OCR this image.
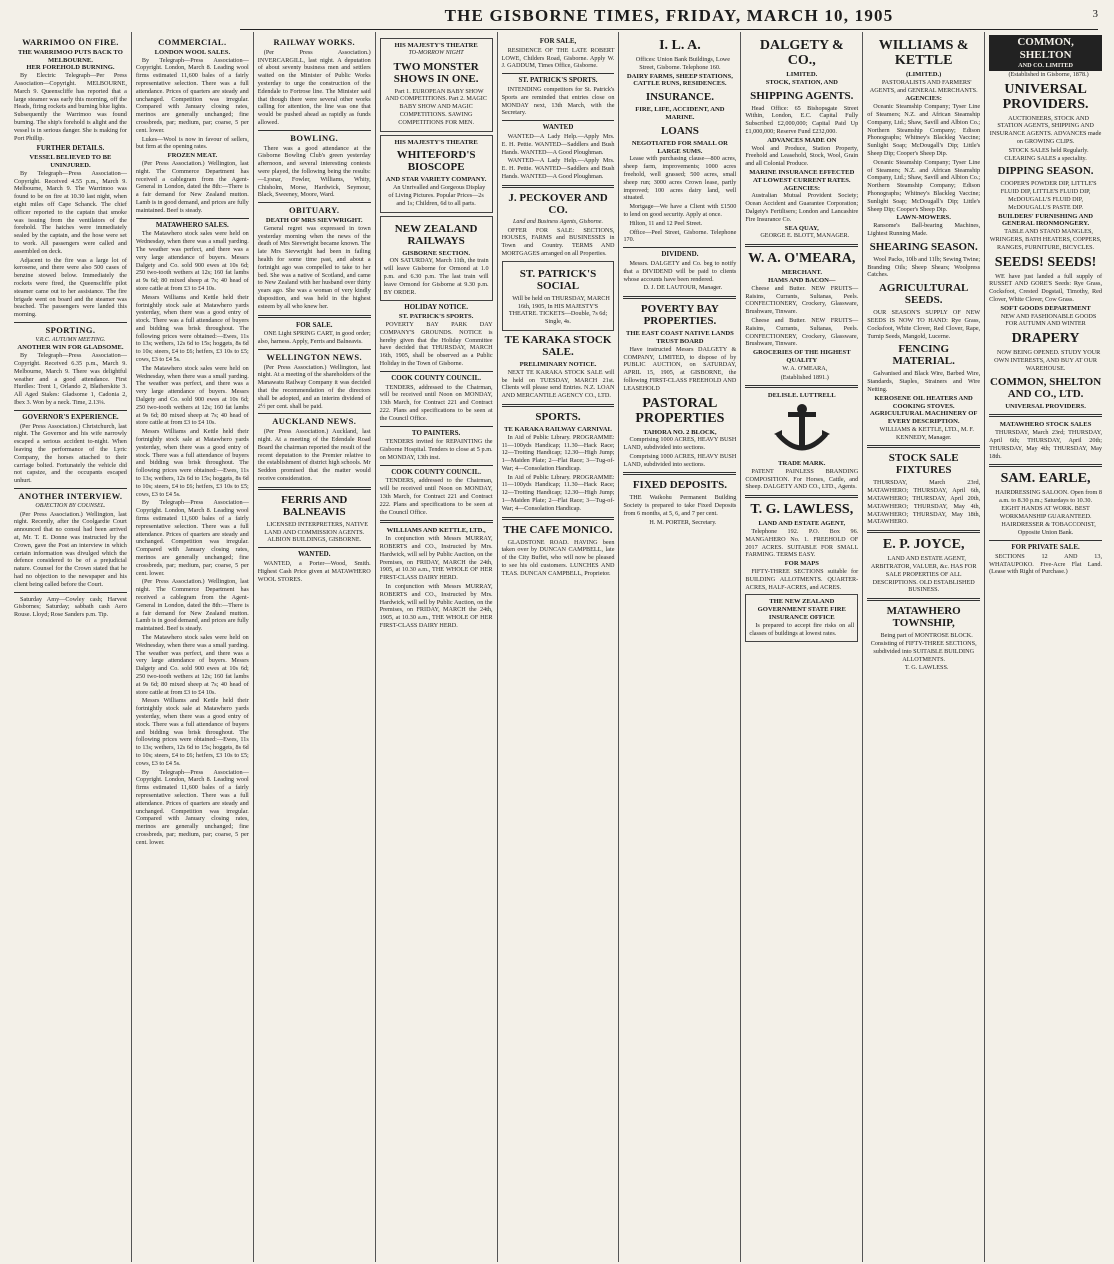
THE GISBORNE TIMES, FRIDAY, MARCH 10, 1905	3
WARRIMOO ON FIRE.
THE WARRIMOO PUTS BACK TO MELBOURNE.
HER FOREHOLD BURNING.

By Electric Telegraph—Per Press Association—Copyright. MELBOURNE, March 9. Queenscliffe has reported that a large steamer was early this morning, off the Heads, firing rockets and burning blue lights. Subsequently the Warrimoo was found burning. The ship's forehold is alight and the vessel is in serious danger. She is making for Port Phillip.

FURTHER DETAILS.
VESSEL BELIEVED TO BE UNINJURED.

By Telegraph—Press Association—Copyright. Received 4.55 p.m., March 9. Melbourne, March 9. The Warrimoo was found to be on fire at 10.30 last night, when eight miles off Cape Schanck. The chief officer reported to the captain that smoke was issuing from the ventilators of the forehold. The hatches were immediately sealed by the captain, and the hose were set to work. All passengers were called and assembled on deck.

Adjacent to the fire was a large lot of kerosene, and there were also 500 cases of benzine stowed below. Immediately the rockets were fired, the Queenscliffe pilot steamer came out to her assistance. The fire brigade went on board and the steamer was beached. The passengers were landed this morning.

SPORTING.
V.R.C. AUTUMN MEETING.
ANOTHER WIN FOR GLADSOME.

By Telegraph—Press Association—Copyright. Received 6.35 p.m., March 9. Melbourne, March 9. There was delightful weather and a good attendance. First Hurdles: Trent 1, Orlando 2, Blatherskite 3. All Aged Stakes: Gladsome 1, Cadonia 2, Ibex 3. Won by a neck. Time, 2.13¼.

GOVERNOR'S EXPERIENCE.

(Per Press Association.) Christchurch, last night. The Governor and his wife narrowly escaped a serious accident to-night. When leaving the performance of the Lyric Company, the horses attached to their carriage bolted. Fortunately the vehicle did not capsize, and the occupants escaped unhurt.

ANOTHER INTERVIEW.
OBJECTION BY COUNSEL.

(Per Press Association.) Wellington, last night. Recently, after the Coolgardie Court announced that no consul had been arrived at, Mr. T. E. Donne was instructed by the Crown, gave the Post an interview in which certain information was divulged which the defence considered to be of a prejudicial nature. Counsel for the Crown stated that he had no objection to the newspaper and his client being called before the Court.

Saturday Amy—Cowley cash; Harvest Gisbornes; Saturday; sabbath cash Aero Rouse. Lloyd; Rose Sanders p.m. Tip.

COMMERCIAL.
LONDON WOOL SALES.

By Telegraph—Press Association—Copyright. London, March 8. Leading wool firms estimated 11,600 bales of a fairly representative selection. There was a full attendance. Prices of quarters are steady and unchanged. Competition was irregular. Compared with January closing rates, merinos are generally unchanged; fine crossbreds, par; medium, par; coarse, 5 per cent. lower.

Lukes—Wool is now in favour of sellers, but firm at the opening rates.

FROZEN MEAT.

(Per Press Association.) Wellington, last night. The Commerce Department has received a cablegram from the Agent-General in London, dated the 8th:—There is a fair demand for New Zealand mutton. Lamb is in good demand, and prices are fully maintained. Beef is steady.

MATAWHERO SALES.

The Matawhero stock sales were held on Wednesday, when there was a small yarding. The weather was perfect, and there was a very large attendance of buyers. Messrs Dalgety and Co. sold 900 ewes at 10s 6d; 250 two-tooth wethers at 12s; 160 fat lambs at 9s 6d; 80 mixed sheep at 7s; 40 head of store cattle at from £3 to £4 10s.

Messrs Williams and Kettle held their fortnightly stock sale at Matawhero yards yesterday, when there was a good entry of stock. There was a full attendance of buyers and bidding was brisk throughout. The following prices were obtained:—Ewes, 11s to 13s; wethers, 12s 6d to 15s; hoggets, 8s 6d to 10s; steers, £4 to £6; heifers, £3 10s to £5; cows, £3 to £4 5s.

The Matawhero stock sales were held on Wednesday, when there was a small yarding. The weather was perfect, and there was a very large attendance of buyers. Messrs Dalgety and Co. sold 900 ewes at 10s 6d; 250 two-tooth wethers at 12s; 160 fat lambs at 9s 6d; 80 mixed sheep at 7s; 40 head of store cattle at from £3 to £4 10s.

Messrs Williams and Kettle held their fortnightly stock sale at Matawhero yards yesterday, when there was a good entry of stock. There was a full attendance of buyers and bidding was brisk throughout. The following prices were obtained:—Ewes, 11s to 13s; wethers, 12s 6d to 15s; hoggets, 8s 6d to 10s; steers, £4 to £6; heifers, £3 10s to £5; cows, £3 to £4 5s.

By Telegraph—Press Association—Copyright. London, March 8. Leading wool firms estimated 11,600 bales of a fairly representative selection. There was a full attendance. Prices of quarters are steady and unchanged. Competition was irregular. Compared with January closing rates, merinos are generally unchanged; fine crossbreds, par; medium, par; coarse, 5 per cent. lower.

(Per Press Association.) Wellington, last night. The Commerce Department has received a cablegram from the Agent-General in London, dated the 8th:—There is a fair demand for New Zealand mutton. Lamb is in good demand, and prices are fully maintained. Beef is steady.

The Matawhero stock sales were held on Wednesday, when there was a small yarding. The weather was perfect, and there was a very large attendance of buyers. Messrs Dalgety and Co. sold 900 ewes at 10s 6d; 250 two-tooth wethers at 12s; 160 fat lambs at 9s 6d; 80 mixed sheep at 7s; 40 head of store cattle at from £3 to £4 10s.

Messrs Williams and Kettle held their fortnightly stock sale at Matawhero yards yesterday, when there was a good entry of stock. There was a full attendance of buyers and bidding was brisk throughout. The following prices were obtained:—Ewes, 11s to 13s; wethers, 12s 6d to 15s; hoggets, 8s 6d to 10s; steers, £4 to £6; heifers, £3 10s to £5; cows, £3 to £4 5s.

By Telegraph—Press Association—Copyright. London, March 8. Leading wool firms estimated 11,600 bales of a fairly representative selection. There was a full attendance. Prices of quarters are steady and unchanged. Competition was irregular. Compared with January closing rates, merinos are generally unchanged; fine crossbreds, par; medium, par; coarse, 5 per cent. lower.

RAILWAY WORKS.

(Per Press Association.) INVERCARGILL, last night. A deputation of about seventy business men and settlers waited on the Minister of Public Works yesterday to urge the construction of the Edendale to Fortrose line. The Minister said that though there were several other works calling for attention, the line was one that would be pushed ahead as rapidly as funds allowed.

BOWLING.

There was a good attendance at the Gisborne Bowling Club's green yesterday afternoon, and several interesting contests were played, the following being the results:—Lysnar, Fowler, Williams, Whity, Chisholm, Morse, Hardwick, Seymour, Black, Sweeney, Moore, Ward.

OBITUARY.
DEATH OF MRS SIEVWRIGHT.

General regret was expressed in town yesterday morning when the news of the death of Mrs Sievwright became known. The late Mrs Sievwright had been in failing health for some time past, and about a fortnight ago was compelled to take to her bed. She was a native of Scotland, and came to New Zealand with her husband over thirty years ago. She was a woman of very kindly disposition, and was held in the highest esteem by all who knew her.

FOR SALE.

ONE Light SPRING CART, in good order; also, harness. Apply, Ferris and Balneavis.

WELLINGTON NEWS.

(Per Press Association.) Wellington, last night. At a meeting of the shareholders of the Manawatu Railway Company it was decided that the recommendation of the directors shall be adopted, and an interim dividend of 2½ per cent. shall be paid.

AUCKLAND NEWS.

(Per Press Association.) Auckland, last night. At a meeting of the Edendale Road Board the chairman reported the result of the recent deputation to the Premier relative to the establishment of district high schools. Mr Seddon promised that the matter would receive consideration.

FERRIS AND BALNEAVIS

LICENSED INTERPRETERS, NATIVE LAND AND COMMISSION AGENTS. ALBION BUILDINGS, GISBORNE.

WANTED.

WANTED, a Porter—Wood, Smith. Highest Cash Price given at MATAWHERO WOOL STORES.

HIS MAJESTY'S THEATRE
TO-MORROW NIGHT
TWO MONSTER SHOWS IN ONE.

Part 1. EUROPEAN BABY SHOW AND COMPETITIONS. Part 2. MAGIC BABY SHOW AND MAGIC COMPETITIONS. SAWING COMPETITIONS FOR MEN.

HIS MAJESTY'S THEATRE
WHITEFORD'S BIOSCOPE
AND STAR VARIETY COMPANY.

An Unrivalled and Gorgeous Display of Living Pictures. Popular Prices—2s and 1s; Children, 6d to all parts.

NEW ZEALAND RAILWAYS
GISBORNE SECTION.

ON SATURDAY, March 11th, the train will leave Gisborne for Ormond at 1.0 p.m. and 6.30 p.m. The last train will leave Ormond for Gisborne at 9.30 p.m. BY ORDER.

HOLIDAY NOTICE.
ST. PATRICK'S SPORTS.

POVERTY BAY PARK DAY COMPANY'S GROUNDS. NOTICE is hereby given that the Holiday Committee have decided that THURSDAY, MARCH 16th, 1905, shall be observed as a Public Holiday in the Town of Gisborne.

COOK COUNTY COUNCIL.

TENDERS, addressed to the Chairman, will be received until Noon on MONDAY, 13th March, for Contract 221 and Contract 222. Plans and specifications to be seen at the Council Office.

TO PAINTERS.

TENDERS invited for REPAINTING the Gisborne Hospital. Tenders to close at 5 p.m. on MONDAY, 13th inst.

COOK COUNTY COUNCIL.

TENDERS, addressed to the Chairman, will be received until Noon on MONDAY, 13th March, for Contract 221 and Contract 222. Plans and specifications to be seen at the Council Office.

WILLIAMS AND KETTLE, LTD.,

In conjunction with Messrs MURRAY, ROBERTS and CO., Instructed by Mrs. Hardwick, will sell by Public Auction, on the Premises, on FRIDAY, MARCH the 24th, 1905, at 10.30 a.m., THE WHOLE OF HER FIRST-CLASS DAIRY HERD.

In conjunction with Messrs MURRAY, ROBERTS and CO., Instructed by Mrs. Hardwick, will sell by Public Auction, on the Premises, on FRIDAY, MARCH the 24th, 1905, at 10.30 a.m., THE WHOLE OF HER FIRST-CLASS DAIRY HERD.

FOR SALE,

RESIDENCE OF THE LATE ROBERT LOWE, Childers Road, Gisborne. Apply W. J. GADDUM, Times Office, Gisborne.

ST. PATRICK'S SPORTS.

INTENDING competitors for St. Patrick's Sports are reminded that entries close on MONDAY next, 13th March, with the Secretary.

WANTED

WANTED—A Lady Help.—Apply Mrs. E. H. Pettie. WANTED—Saddlers and Bush Hands. WANTED—A Good Ploughman.

WANTED—A Lady Help.—Apply Mrs. E. H. Pettie. WANTED—Saddlers and Bush Hands. WANTED—A Good Ploughman.

J. PECKOVER AND CO.
Land and Business Agents, Gisborne.

OFFER FOR SALE: SECTIONS, HOUSES, FARMS and BUSINESSES in Town and Country. TERMS AND MORTGAGES arranged on all Properties.

ST. PATRICK'S SOCIAL

Will be held on THURSDAY, MARCH 16th, 1905, In HIS MAJESTY'S THEATRE. TICKETS—Double, 7s 6d; Single, 4s.

TE KARAKA STOCK SALE.
PRELIMINARY NOTICE.

NEXT TE KARAKA STOCK SALE will be held on TUESDAY, MARCH 21st. Clients will please send Entries. N.Z. LOAN AND MERCANTILE AGENCY CO., LTD.

SPORTS.
TE KARAKA RAILWAY CARNIVAL

In Aid of Public Library. PROGRAMME: 11—100yds Handicap; 11.30—Hack Race; 12—Trotting Handicap; 12.30—High Jump; 1—Maiden Plate; 2—Flat Race; 3—Tug-of-War; 4—Consolation Handicap.

In Aid of Public Library. PROGRAMME: 11—100yds Handicap; 11.30—Hack Race; 12—Trotting Handicap; 12.30—High Jump; 1—Maiden Plate; 2—Flat Race; 3—Tug-of-War; 4—Consolation Handicap.

THE CAFE MONICO.

GLADSTONE ROAD. HAVING been taken over by DUNCAN CAMPBELL, late of the City Buffet, who will now be pleased to see his old customers. LUNCHES AND TEAS. DUNCAN CAMPBELL, Proprietor.

I. L. A.

Offices: Union Bank Buildings, Lowe Street, Gisborne. Telephone 160.

DAIRY FARMS, SHEEP STATIONS, CATTLE RUNS, RESIDENCES.
INSURANCE.
FIRE, LIFE, ACCIDENT, AND MARINE.
LOANS
NEGOTIATED FOR SMALL OR LARGE SUMS.

Lease with purchasing clause—800 acres, sheep farm, improvements; 1000 acres freehold, well grassed; 500 acres, small sheep run; 3000 acres Crown lease, partly improved; 100 acres dairy land, well situated.

Mortgage—We have a Client with £1500 to lend on good security. Apply at once.

Hilton, 11 and 12 Peel Street.

Office—Peel Street, Gisborne. Telephone 170.

DIVIDEND.

Messrs. DALGETY and Co. beg to notify that a DIVIDEND will be paid to clients whose accounts have been rendered.

D. J. DE LAUTOUR, Manager.

POVERTY BAY PROPERTIES.
THE EAST COAST NATIVE LANDS TRUST BOARD

Have instructed Messrs DALGETY & COMPANY, LIMITED, to dispose of by PUBLIC AUCTION, on SATURDAY, APRIL 15, 1905, at GISBORNE, the following FIRST-CLASS FREEHOLD AND LEASEHOLD

PASTORAL PROPERTIES
TAHORA NO. 2 BLOCK,

Comprising 1000 ACRES, HEAVY BUSH LAND, subdivided into sections.

Comprising 1000 ACRES, HEAVY BUSH LAND, subdivided into sections.

FIXED DEPOSITS.

THE Waikohu Permanent Building Society is prepared to take Fixed Deposits from 6 months, at 5, 6, and 7 per cent.

H. M. PORTER, Secretary.

DALGETY & CO.,
LIMITED.
STOCK, STATION, AND
SHIPPING AGENTS.

Head Office: 65 Bishopsgate Street Within, London, E.C. Capital Fully Subscribed £2,000,000; Capital Paid Up £1,000,000; Reserve Fund £232,000.

ADVANCES MADE ON

Wool and Produce, Station Property, Freehold and Leasehold, Stock, Wool, Grain and all Colonial Produce.

MARINE INSURANCE EFFECTED AT LOWEST CURRENT RATES.
AGENCIES:

Australian Mutual Provident Society; Ocean Accident and Guarantee Corporation; Dalgety's Fertilisers; London and Lancashire Fire Insurance Co.

SEA QUAY,

GEORGE E. BLOTT, MANAGER.

W. A. O'MEARA,
MERCHANT.
HAMS AND BACON—

Cheese and Butter. NEW FRUITS—Raisins, Currants, Sultanas, Peels. CONFECTIONERY, Crockery, Glassware, Brushware, Tinware.

Cheese and Butter. NEW FRUITS—Raisins, Currants, Sultanas, Peels. CONFECTIONERY, Crockery, Glassware, Brushware, Tinware.

GROCERIES OF THE HIGHEST QUALITY

W. A. O'MEARA,

(Established 1891.)

DELISLE. LUTTRELL
TRADE MARK.

PATENT PAINLESS BRANDING COMPOSITION. For Horses, Cattle, and Sheep. DALGETY AND CO., LTD., Agents.

T. G. LAWLESS,
LAND AND ESTATE AGENT,

Telephone 192. P.O. Box 96. MANGAHERO No. 1. FREEHOLD OF 2017 ACRES. SUITABLE FOR SMALL FARMING. TERMS EASY.

FOR MAPS

FIFTY-THREE SECTIONS suitable for BUILDING ALLOTMENTS. QUARTER-ACRES, HALF-ACRES, and ACRES.

THE NEW ZEALAND GOVERNMENT STATE FIRE INSURANCE OFFICE

Is prepared to accept fire risks on all classes of buildings at lowest rates.

WILLIAMS & KETTLE
(LIMITED.)

PASTORALISTS AND FARMERS' AGENTS, and GENERAL MERCHANTS.

AGENCIES:

Oceanic Steamship Company; Tyser Line of Steamers; N.Z. and African Steamship Company, Ltd.; Shaw, Savill and Albion Co.; Northern Steamship Company; Edison Phonographs; Whitney's Blackleg Vaccine; Sunlight Soap; McDougall's Dip; Little's Sheep Dip; Cooper's Sheep Dip.

Oceanic Steamship Company; Tyser Line of Steamers; N.Z. and African Steamship Company, Ltd.; Shaw, Savill and Albion Co.; Northern Steamship Company; Edison Phonographs; Whitney's Blackleg Vaccine; Sunlight Soap; McDougall's Dip; Little's Sheep Dip; Cooper's Sheep Dip.

LAWN-MOWERS.

Ransome's Ball-bearing Machines, Lightest Running Made.

SHEARING SEASON.

Wool Packs, 10lb and 11lb; Sewing Twine; Branding Oils; Sheep Shears; Woolpress Catches.

AGRICULTURAL SEEDS.

OUR SEASON'S SUPPLY OF NEW SEEDS IS NOW TO HAND: Rye Grass, Cocksfoot, White Clover, Red Clover, Rape, Turnip Seeds, Mangold, Lucerne.

FENCING MATERIAL.

Galvanised and Black Wire, Barbed Wire, Standards, Staples, Strainers and Wire Netting.

KEROSENE OIL HEATERS AND COOKING STOVES.
AGRICULTURAL MACHINERY OF EVERY DESCRIPTION.

WILLIAMS & KETTLE, LTD., M. F. KENNEDY, Manager.

STOCK SALE FIXTURES

THURSDAY, March 23rd, MATAWHERO; THURSDAY, April 6th, MATAWHERO; THURSDAY, April 20th, MATAWHERO; THURSDAY, May 4th, MATAWHERO; THURSDAY, May 18th, MATAWHERO.

E. P. JOYCE,

LAND AND ESTATE AGENT, ARBITRATOR, VALUER, &c. HAS FOR SALE PROPERTIES OF ALL DESCRIPTIONS. OLD ESTABLISHED BUSINESS.

MATAWHERO TOWNSHIP,

Being part of MONTROSE BLOCK. Consisting of FIFTY-THREE SECTIONS, subdivided into SUITABLE BUILDING ALLOTMENTS.

T. G. LAWLESS.

COMMON, SHELTON
AND CO. LIMITED

(Established in Gisborne, 1878.)

UNIVERSAL PROVIDERS.

AUCTIONEERS, STOCK AND STATION AGENTS, SHIPPING AND INSURANCE AGENTS. ADVANCES made on GROWING CLIPS.

STOCK SALES held Regularly. CLEARING SALES a speciality.

DIPPING SEASON.

COOPER'S POWDER DIP, LITTLE'S FLUID DIP, LITTLE'S FLUID DIP, McDOUGALL'S FLUID DIP, McDOUGALL'S PASTE DIP.

BUILDERS' FURNISHING AND GENERAL IRONMONGERY.

TABLE AND STAND MANGLES, WRINGERS, BATH HEATERS, COPPERS, RANGES, FURNITURE, BICYCLES.

SEEDS! SEEDS!

WE have just landed a full supply of RUSSET AND GORE'S Seeds: Rye Grass, Cocksfoot, Crested Dogstail, Timothy, Red Clover, White Clover, Cow Grass.

SOFT GOODS DEPARTMENT

NEW AND FASHIONABLE GOODS FOR AUTUMN AND WINTER

DRAPERY

NOW BEING OPENED. STUDY YOUR OWN INTERESTS, AND BUY AT OUR WAREHOUSE.

COMMON, SHELTON AND CO., LTD.
UNIVERSAL PROVIDERS.
MATAWHERO STOCK SALES

THURSDAY, March 23rd; THURSDAY, April 6th; THURSDAY, April 20th; THURSDAY, May 4th; THURSDAY, May 18th.

SAM. EARLE,

HAIRDRESSING SALOON. Open from 8 a.m. to 8.30 p.m.; Saturdays to 10.30. EIGHT HANDS AT WORK. BEST WORKMANSHIP GUARANTEED.

HAIRDRESSER & TOBACCONIST, Opposite Union Bank.

FOR PRIVATE SALE.

SECTIONS 12 AND 13, WHATAUPOKO. Five-Acre Flat Land. (Lease with Right of Purchase.)
